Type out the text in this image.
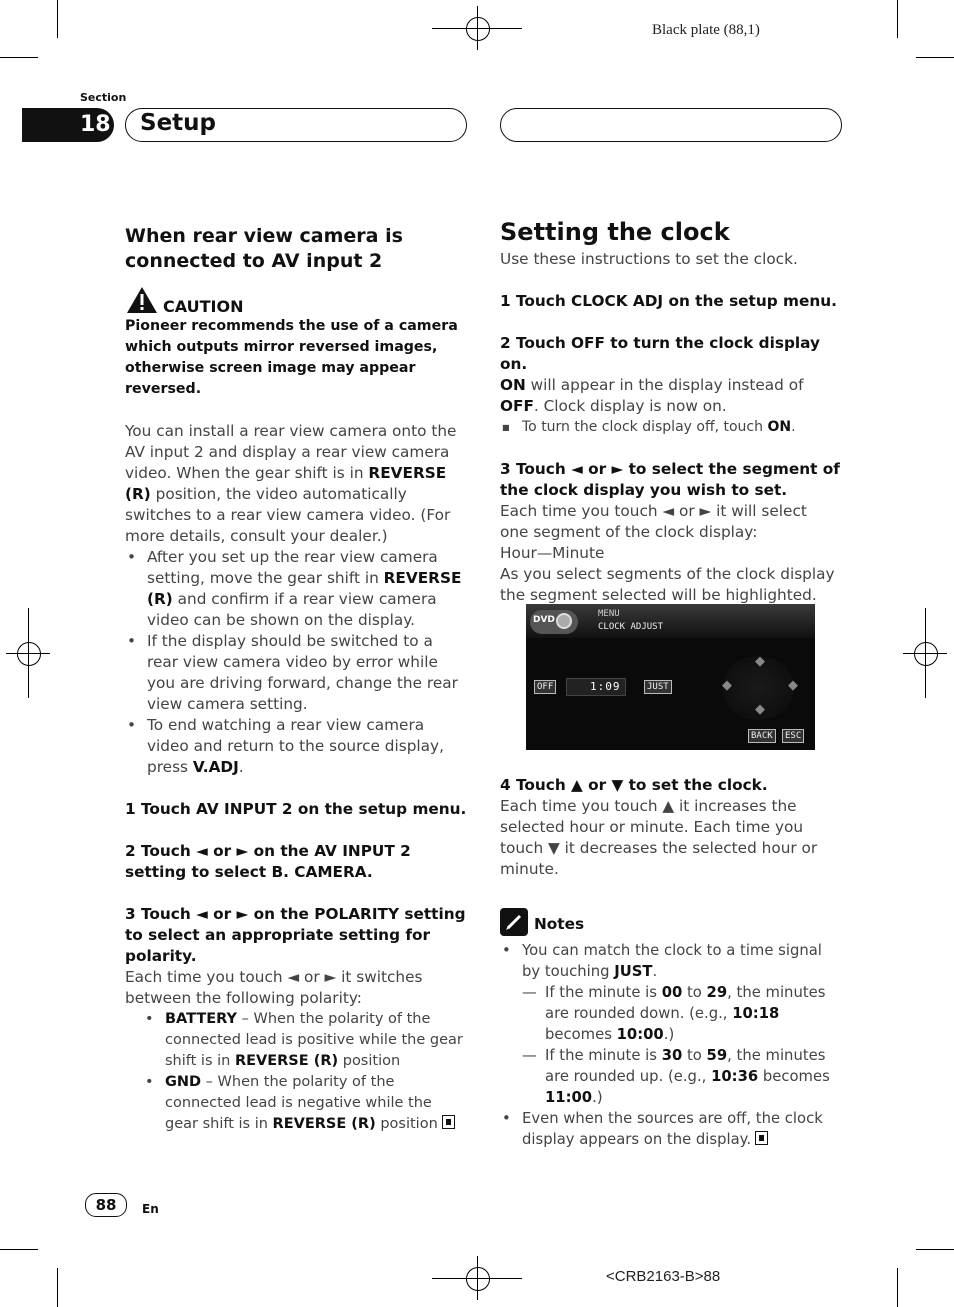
Black plate (88,1)
Section
18 Setup
When rear view camera is connected to AV input 2
CAUTION

Pioneer recommends the use of a camera which outputs mirror reversed images, otherwise screen image may appear reversed.

You can install a rear view camera onto the AV input 2 and display a rear view camera video. When the gear shift is in REVERSE (R) position, the video automatically switches to a rear view camera video. (For more details, consult your dealer.)

• After you set up the rear view camera setting, move the gear shift in REVERSE (R) and confirm if a rear view camera video can be shown on the display.
• If the display should be switched to a rear view camera video by error while you are driving forward, change the rear view camera setting.
• To end watching a rear view camera video and return to the source display, press V.ADJ.

1 Touch AV INPUT 2 on the setup menu.

2 Touch ◄ or ► on the AV INPUT 2 setting to select B. CAMERA.

3 Touch ◄ or ► on the POLARITY setting to select an appropriate setting for polarity.

Each time you touch ◄ or ► it switches between the following polarity:

• BATTERY – When the polarity of the connected lead is positive while the gear shift is in REVERSE (R) position
• GND – When the polarity of the connected lead is negative while the gear shift is in REVERSE (R) position
Setting the clock

Use these instructions to set the clock.

1 Touch CLOCK ADJ on the setup menu.

2 Touch OFF to turn the clock display on.

ON will appear in the display instead of OFF. Clock display is now on.

■ To turn the clock display off, touch ON.

3 Touch ◄ or ► to select the segment of the clock display you wish to set.

Each time you touch ◄ or ► it will select one segment of the clock display:

Hour—Minute

As you select segments of the clock display the segment selected will be highlighted.

DVD
MENU
CLOCK ADJUST
OFF	1:09	JUST
◆
◆
◆	◆
BACK	ESC

4 Touch ▲ or ▼ to set the clock.

Each time you touch ▲ it increases the selected hour or minute. Each time you touch ▼ it decreases the selected hour or minute.

Notes
• You can match the clock to a time signal by touching JUST.
— If the minute is 00 to 29, the minutes are rounded down. (e.g., 10:18 becomes 10:00.)
— If the minute is 30 to 59, the minutes are rounded up. (e.g., 10:36 becomes 11:00.)
• Even when the sources are off, the clock display appears on the display.
88	En
<CRB2163-B>88
